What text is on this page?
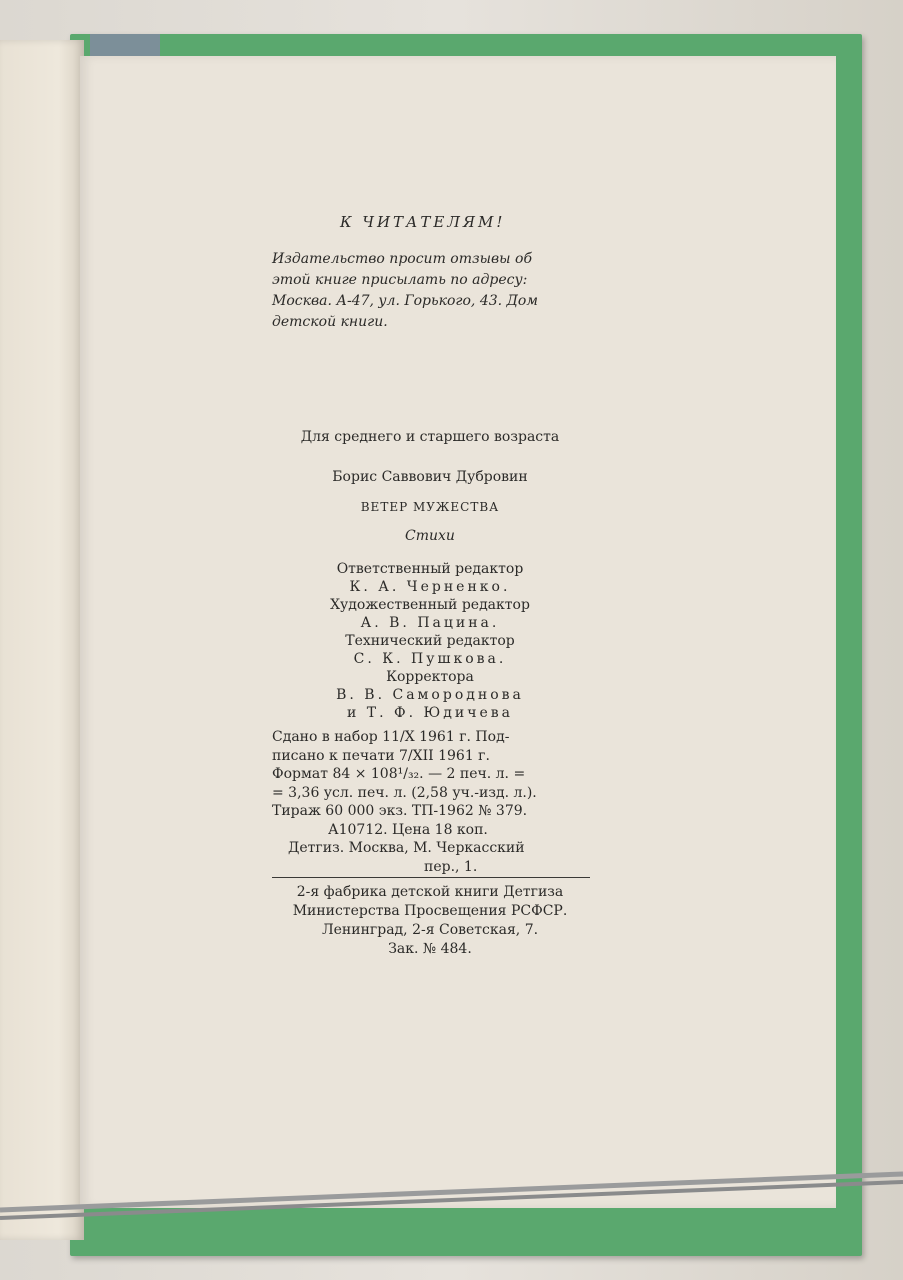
К ЧИТАТЕЛЯМ!
Издательство просит отзывы об
этой книге присылать по адресу:
Москва. А-47, ул. Горького, 43. Дом
детской книги.
Для среднего и старшего возраста
Борис Саввович Дубровин
ВЕТЕР МУЖЕСТВА
Стихи
Ответственный редактор
К. А. Черненко.
Художественный редактор
А. В. Пацина.
Технический редактор
С. К. Пушкова.
Корректора
В. В. Самороднова
и Т. Ф. Юдичева
Сдано в набор 11/X 1961 г. Под-
писано к печати 7/XII 1961 г.
Формат 84 × 108¹/₃₂. — 2 печ. л. =
= 3,36 усл. печ. л. (2,58 уч.-изд. л.).
Тираж 60 000 экз. ТП-1962 № 379.
А10712. Цена 18 коп.
Детгиз. Москва, М. Черкасский
пер., 1.
2-я фабрика детской книги Детгиза
Министерства Просвещения РСФСР.
Ленинград, 2-я Советская, 7.
Зак. № 484.
